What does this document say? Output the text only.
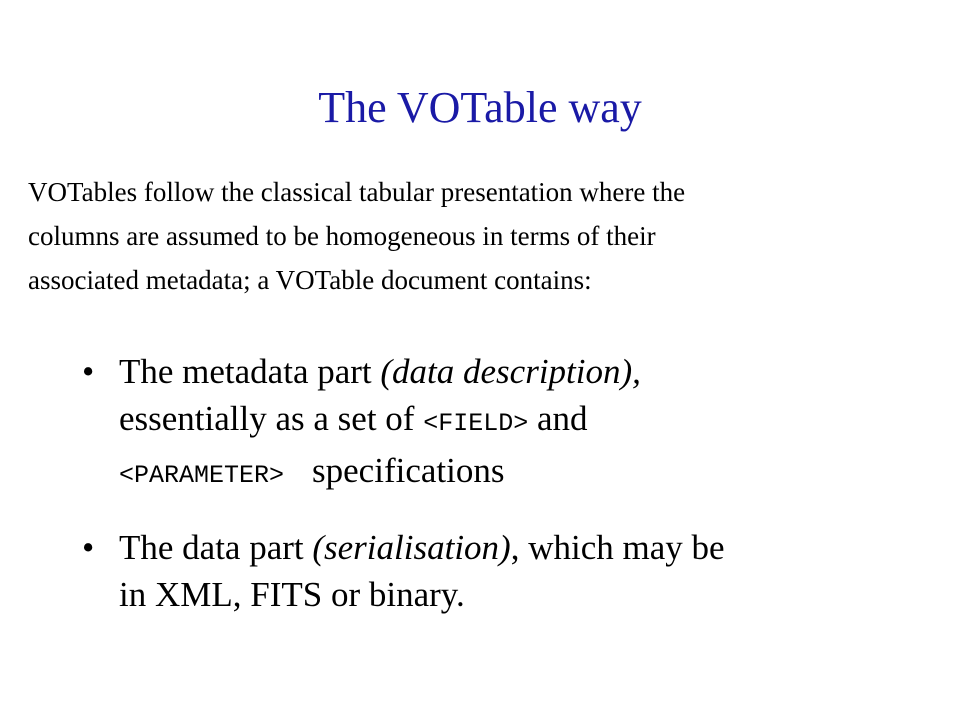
The VOTable way

VOTables follow the classical tabular presentation where the
columns are assumed to be homogeneous in terms of their
associated metadata; a VOTable document contains:

• The metadata part (data description),
essentially as a set of <FIELD> and
<PARAMETER> specifications
• The data part (serialisation), which may be
in XML, FITS or binary.
